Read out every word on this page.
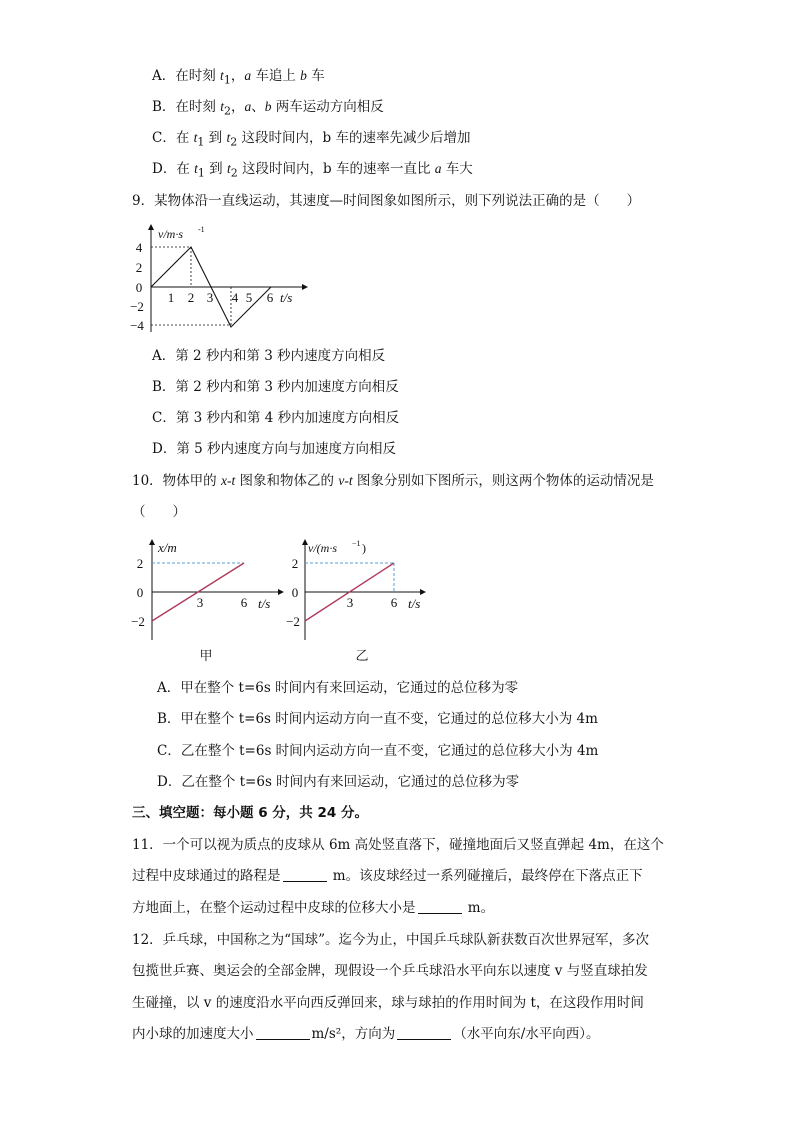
A．在时刻 $t_1$，a 车追上 b 车
B．在时刻 $t_2$，a、b 两车运动方向相反
C．在 $t_1$ 到 $t_2$ 这段时间内，b 车的速率先减少后增加
D．在 $t_1$ 到 $t_2$ 这段时间内，b 车的速率一直比 a 车大
9．某物体沿一直线运动，其速度—时间图象如图所示，则下列说法正确的是（　　）
4
2
0
−2
−4
1 2 3 4 5 6 t/s
v/m·s -1
A．第 2 秒内和第 3 秒内速度方向相反
B．第 2 秒内和第 3 秒内加速度方向相反
C．第 3 秒内和第 4 秒内加速度方向相反
D．第 5 秒内速度方向与加速度方向相反
10．物体甲的 x-t 图象和物体乙的 v-t 图象分别如下图所示，则这两个物体的运动情况是
（　　）
2
0
−2
3	6 t/s
x/m
甲
2
0
−2
3	6 t/s
v/(m·s −1 )
乙
A．甲在整个 t=6s 时间内有来回运动，它通过的总位移为零
B．甲在整个 t=6s 时间内运动方向一直不变，它通过的总位移大小为 4m
C．乙在整个 t=6s 时间内运动方向一直不变，它通过的总位移大小为 4m
D．乙在整个 t=6s 时间内有来回运动，它通过的总位移为零
三、填空题：每小题 6 分，共 24 分。
11．一个可以视为质点的皮球从 6m 高处竖直落下，碰撞地面后又竖直弹起 4m，在这个
过程中皮球通过的路程是	m。该皮球经过一系列碰撞后，最终停在下落点正下
方地面上，在整个运动过程中皮球的位移大小是	m。
12．乒乓球，中国称之为“国球”。迄今为止，中国乒乓球队新获数百次世界冠军，多次
包揽世乒赛、奥运会的全部金牌，现假设一个乒乓球沿水平向东以速度 v 与竖直球拍发
生碰撞，以 v 的速度沿水平向西反弹回来，球与球拍的作用时间为 t，在这段作用时间
内小球的加速度大小	m/s²，方向为	（水平向东/水平向西）。
